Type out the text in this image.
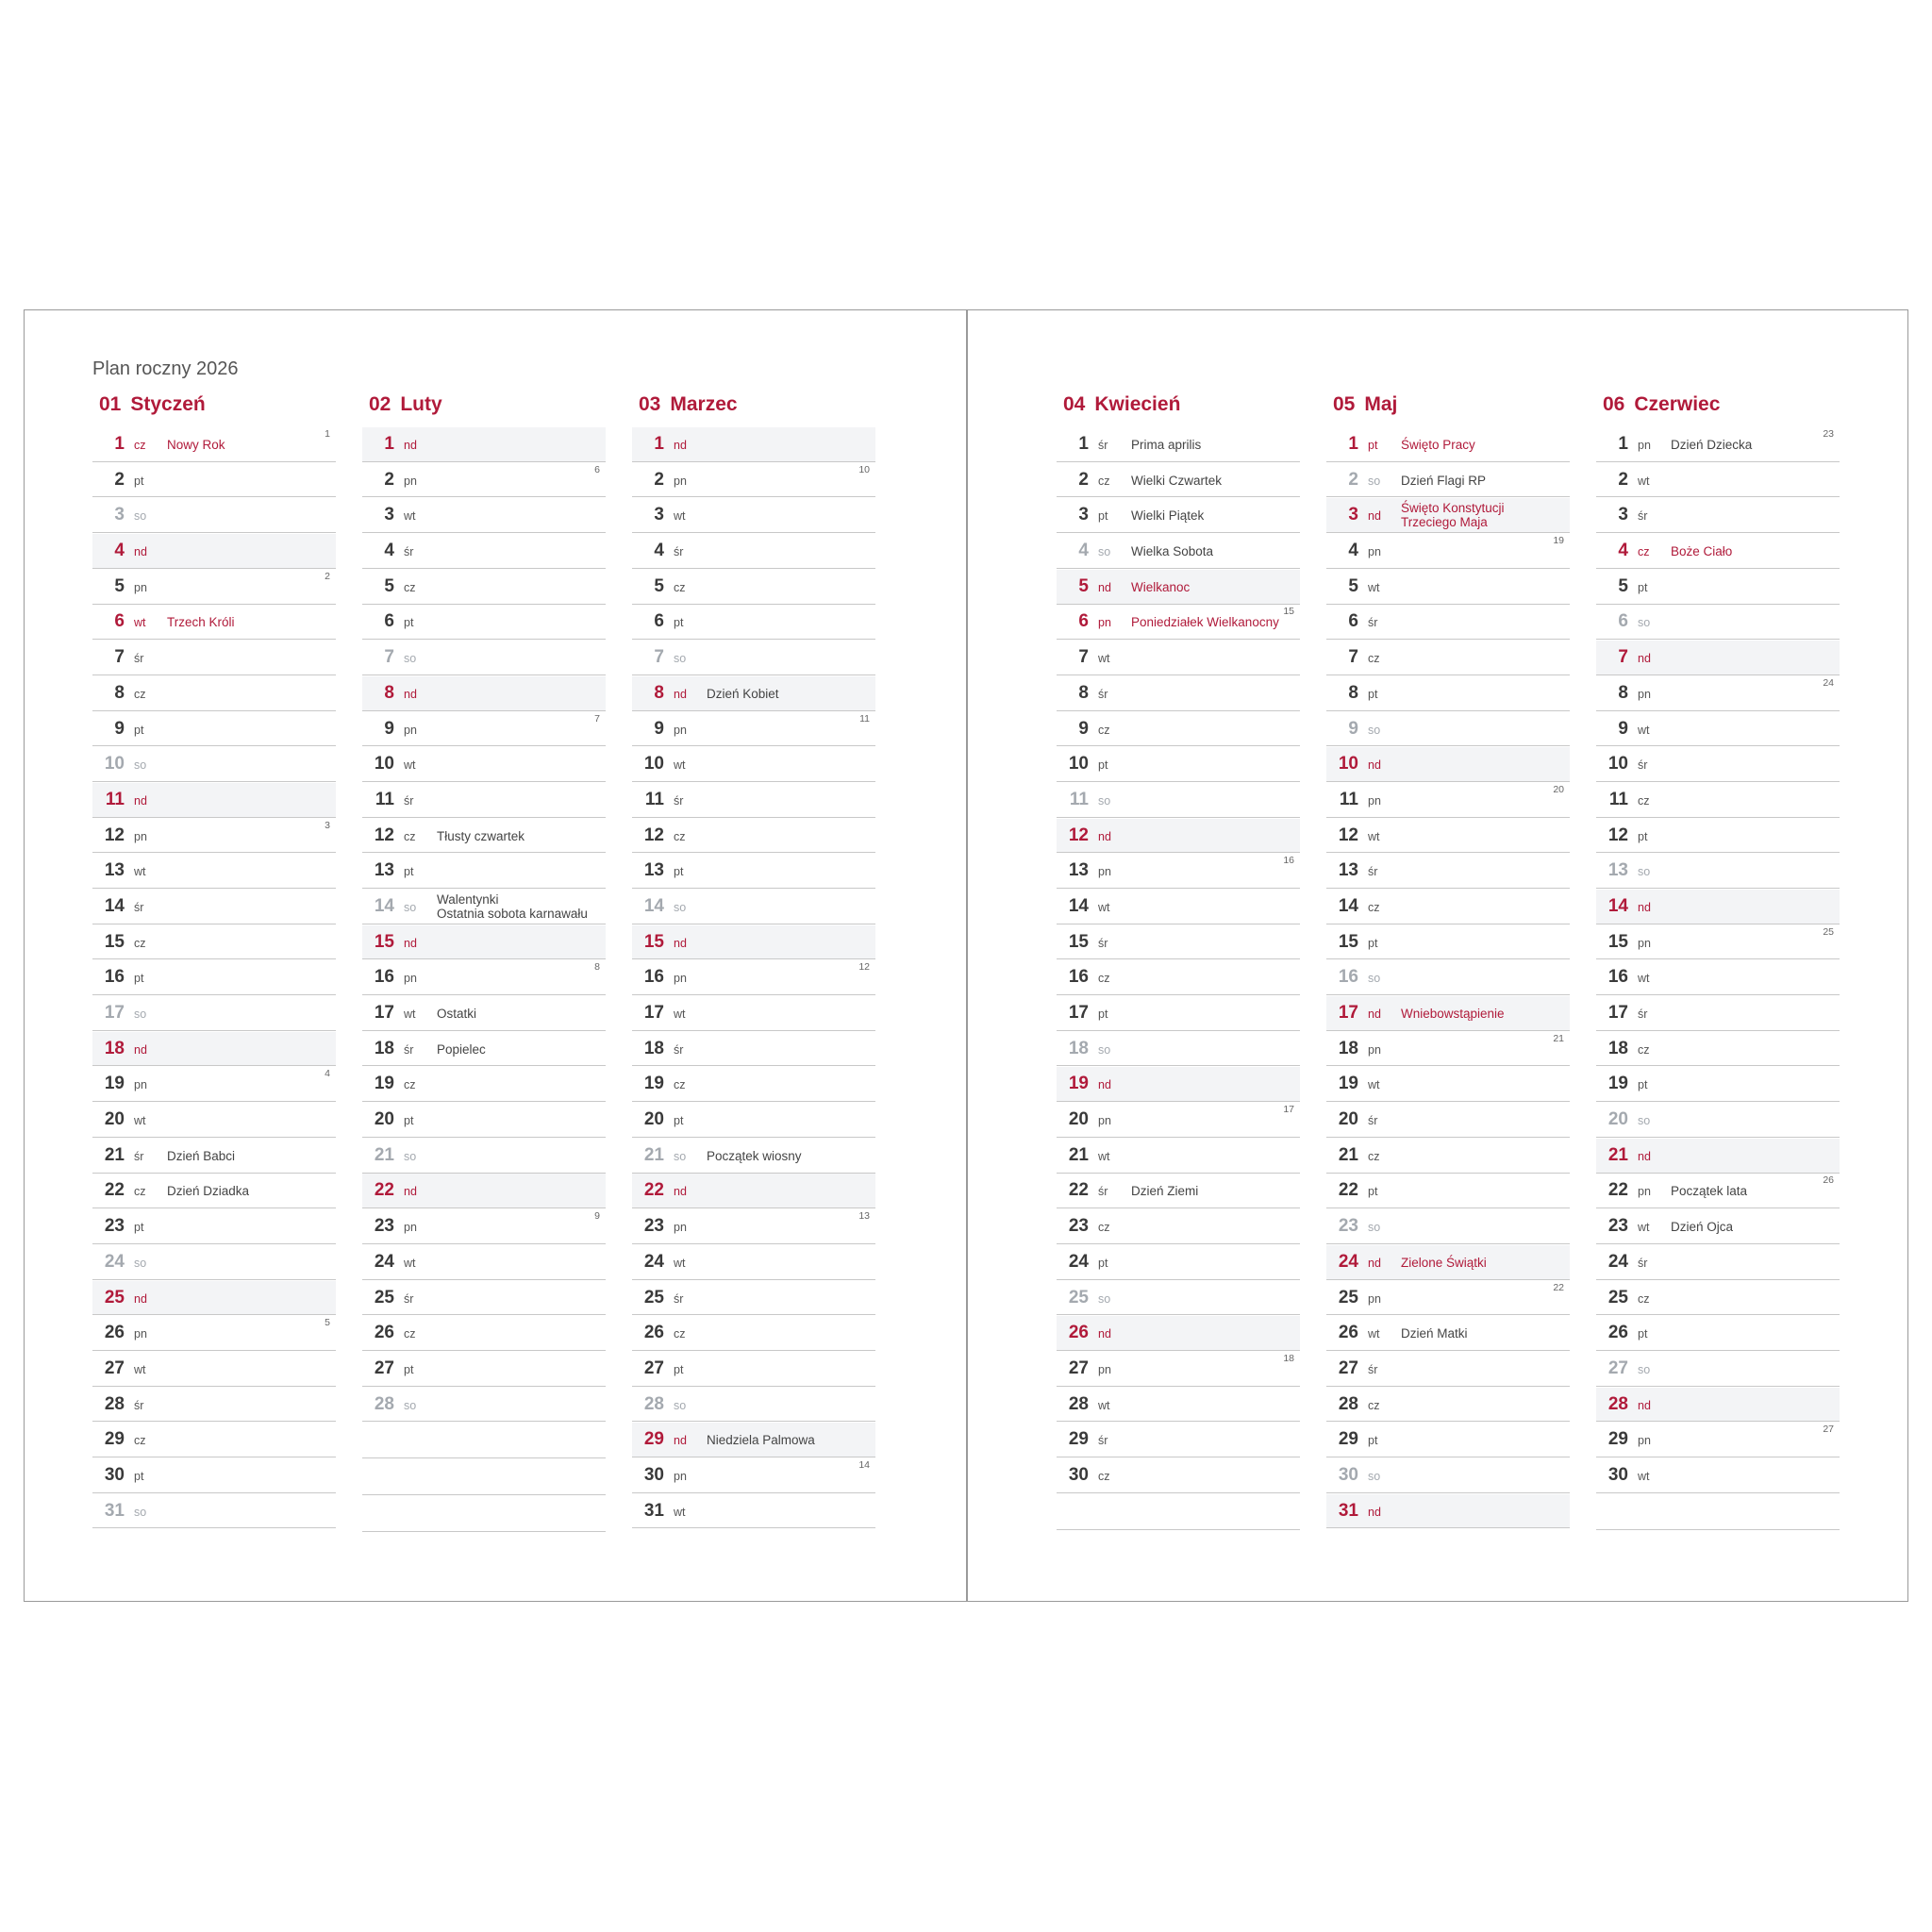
Plan roczny 2026
01 Styczeń
1 cz Nowy Rok
1
2 pt
3 so
4 nd
5 pn
2
6 wt Trzech Króli
7 śr
8 cz
9 pt
10 so
11 nd
12 pn
3
13 wt
14 śr
15 cz
16 pt
17 so
18 nd
19 pn
4
20 wt
21 śr Dzień Babci
22 cz Dzień Dziadka
23 pt
24 so
25 nd
26 pn
5
27 wt
28 śr
29 cz
30 pt
31 so
02 Luty
1 nd
2 pn
6
3 wt
4 śr
5 cz
6 pt
7 so
8 nd
9 pn
7
10 wt
11 śr
12 cz Tłusty czwartek
13 pt
14 so
Walentynki
Ostatnia sobota karnawału
15 nd
16 pn
8
17 wt Ostatki
18 śr Popielec
19 cz
20 pt
21 so
22 nd
23 pn
9
24 wt
25 śr
26 cz
27 pt
28 so
03 Marzec
1 nd
2 pn
10
3 wt
4 śr
5 cz
6 pt
7 so
8 nd Dzień Kobiet
9 pn
11
10 wt
11 śr
12 cz
13 pt
14 so
15 nd
16 pn
12
17 wt
18 śr
19 cz
20 pt
21 so Początek wiosny
22 nd
23 pn
13
24 wt
25 śr
26 cz
27 pt
28 so
29 nd Niedziela Palmowa
30 pn
14
31 wt
04 Kwiecień
1 śr Prima aprilis
2 cz Wielki Czwartek
3 pt Wielki Piątek
4 so Wielka Sobota
5 nd Wielkanoc
6 pn Poniedziałek Wielkanocny
15
7 wt
8 śr
9 cz
10 pt
11 so
12 nd
13 pn
16
14 wt
15 śr
16 cz
17 pt
18 so
19 nd
20 pn
17
21 wt
22 śr Dzień Ziemi
23 cz
24 pt
25 so
26 nd
27 pn
18
28 wt
29 śr
30 cz
05 Maj
1 pt Święto Pracy
2 so Dzień Flagi RP
3 nd
Święto Konstytucji
Trzeciego Maja
4 pn
19
5 wt
6 śr
7 cz
8 pt
9 so
10 nd
11 pn
20
12 wt
13 śr
14 cz
15 pt
16 so
17 nd Wniebowstąpienie
18 pn
21
19 wt
20 śr
21 cz
22 pt
23 so
24 nd Zielone Świątki
25 pn
22
26 wt Dzień Matki
27 śr
28 cz
29 pt
30 so
31 nd
06 Czerwiec
1 pn Dzień Dziecka
23
2 wt
3 śr
4 cz Boże Ciało
5 pt
6 so
7 nd
8 pn
24
9 wt
10 śr
11 cz
12 pt
13 so
14 nd
15 pn
25
16 wt
17 śr
18 cz
19 pt
20 so
21 nd
22 pn Początek lata
26
23 wt Dzień Ojca
24 śr
25 cz
26 pt
27 so
28 nd
29 pn
27
30 wt
